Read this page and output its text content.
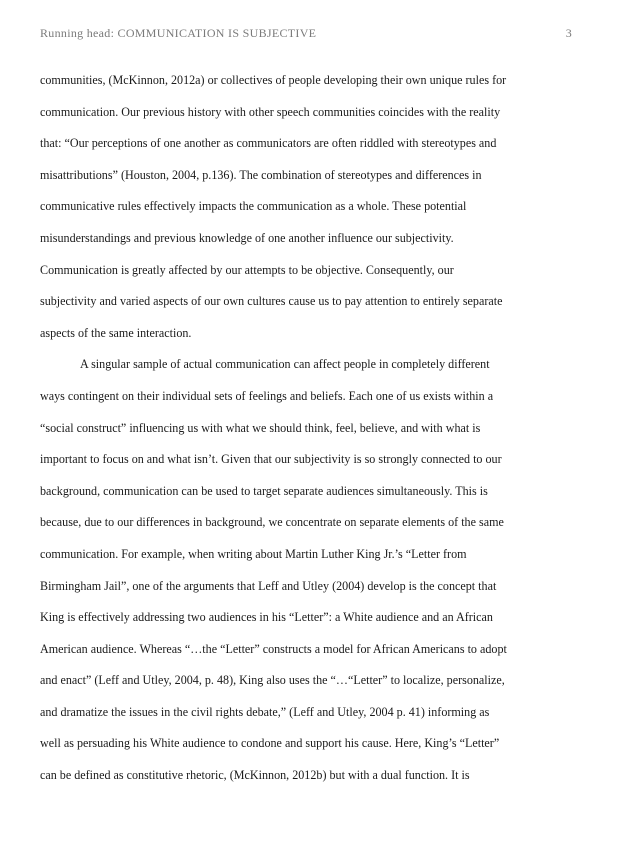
Running head: COMMUNICATION IS SUBJECTIVE	3
communities, (McKinnon, 2012a) or collectives of people developing their own unique rules for
communication. Our previous history with other speech communities coincides with the reality
that: “Our perceptions of one another as communicators are often riddled with stereotypes and
misattributions” (Houston, 2004, p.136). The combination of stereotypes and differences in
communicative rules effectively impacts the communication as a whole. These potential
misunderstandings and previous knowledge of one another influence our subjectivity.
Communication is greatly affected by our attempts to be objective. Consequently, our
subjectivity and varied aspects of our own cultures cause us to pay attention to entirely separate
aspects of the same interaction.
A singular sample of actual communication can affect people in completely different
ways contingent on their individual sets of feelings and beliefs. Each one of us exists within a
“social construct” influencing us with what we should think, feel, believe, and with what is
important to focus on and what isn’t. Given that our subjectivity is so strongly connected to our
background, communication can be used to target separate audiences simultaneously. This is
because, due to our differences in background, we concentrate on separate elements of the same
communication. For example, when writing about Martin Luther King Jr.’s “Letter from
Birmingham Jail”, one of the arguments that Leff and Utley (2004) develop is the concept that
King is effectively addressing two audiences in his “Letter”: a White audience and an African
American audience. Whereas “…the “Letter” constructs a model for African Americans to adopt
and enact” (Leff and Utley, 2004, p. 48), King also uses the “…“Letter” to localize, personalize,
and dramatize the issues in the civil rights debate,” (Leff and Utley, 2004 p. 41) informing as
well as persuading his White audience to condone and support his cause. Here, King’s “Letter”
can be defined as constitutive rhetoric, (McKinnon, 2012b) but with a dual function. It is
